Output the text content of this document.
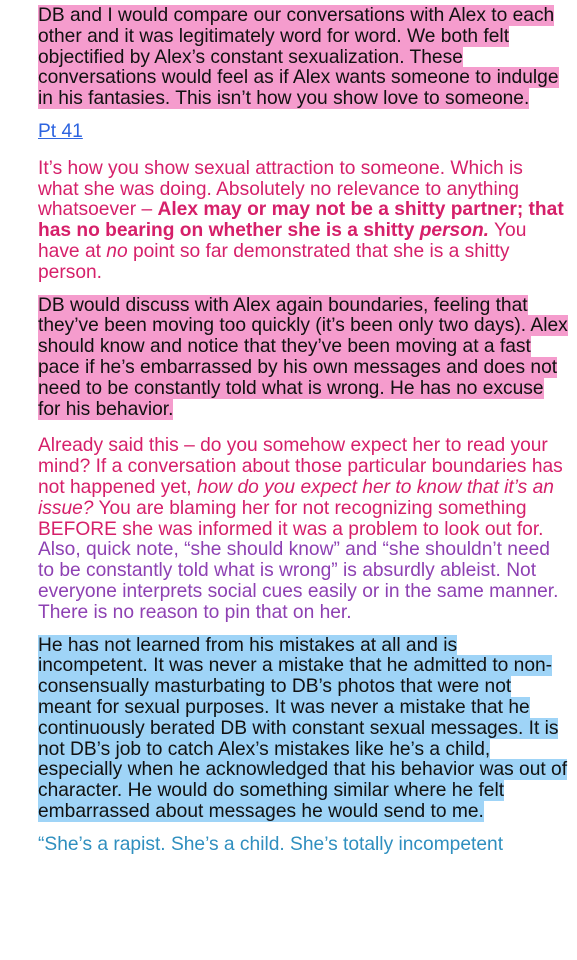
DB and I would compare our conversations with Alex to each other and it was legitimately word for word. We both felt objectified by Alex’s constant sexualization. These conversations would feel as if Alex wants someone to indulge in his fantasies. This isn’t how you show love to someone.

Pt 41

It’s how you show sexual attraction to someone. Which is what she was doing. Absolutely no relevance to anything whatsoever – Alex may or may not be a shitty partner; that has no bearing on whether she is a shitty person. You have at no point so far demonstrated that she is a shitty person.

DB would discuss with Alex again boundaries, feeling that they’ve been moving too quickly (it’s been only two days). Alex should know and notice that they’ve been moving at a fast pace if he’s embarrassed by his own messages and does not need to be constantly told what is wrong. He has no excuse for his behavior.

Already said this – do you somehow expect her to read your mind? If a conversation about those particular boundaries has not happened yet, how do you expect her to know that it’s an issue? You are blaming her for not recognizing something BEFORE she was informed it was a problem to look out for. Also, quick note, “she should know” and “she shouldn’t need to be constantly told what is wrong” is absurdly ableist. Not everyone interprets social cues easily or in the same manner. There is no reason to pin that on her.

He has not learned from his mistakes at all and is incompetent. It was never a mistake that he admitted to non-consensually masturbating to DB’s photos that were not meant for sexual purposes. It was never a mistake that he continuously berated DB with constant sexual messages. It is not DB’s job to catch Alex’s mistakes like he’s a child, especially when he acknowledged that his behavior was out of character. He would do something similar where he felt embarrassed about messages he would send to me.

“She’s a rapist. She’s a child. She’s totally incompetent
